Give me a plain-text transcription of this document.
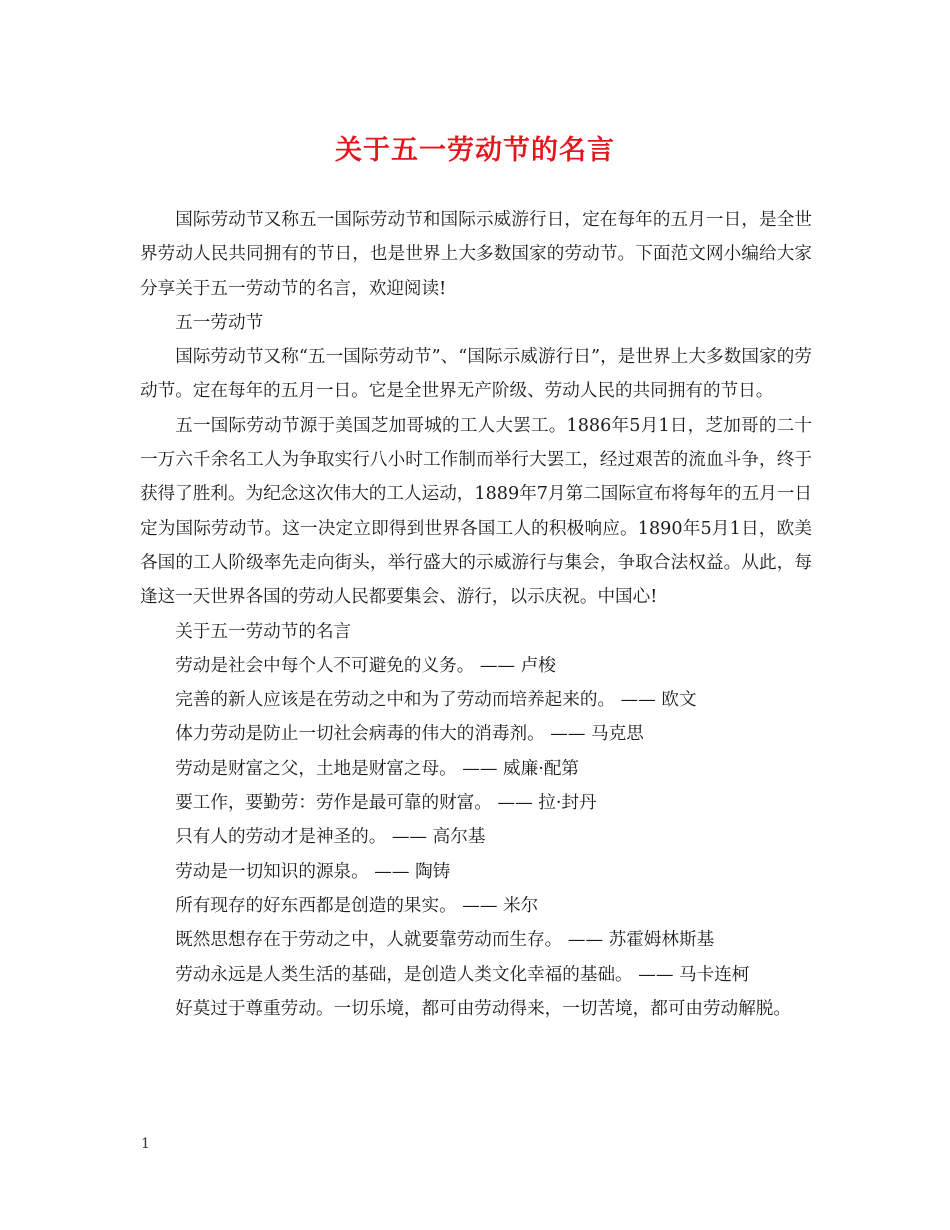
关于五一劳动节的名言

国际劳动节又称五一国际劳动节和国际示威游行日，定在每年的五月一日，是全世界劳动人民共同拥有的节日，也是世界上大多数国家的劳动节。下面范文网小编给大家分享关于五一劳动节的名言，欢迎阅读!

五一劳动节

国际劳动节又称“五一国际劳动节”、“国际示威游行日”，是世界上大多数国家的劳动节。定在每年的五月一日。它是全世界无产阶级、劳动人民的共同拥有的节日。

五一国际劳动节源于美国芝加哥城的工人大罢工。1886年5月1日，芝加哥的二十一万六千余名工人为争取实行八小时工作制而举行大罢工，经过艰苦的流血斗争，终于获得了胜利。为纪念这次伟大的工人运动，1889年7月第二国际宣布将每年的五月一日定为国际劳动节。这一决定立即得到世界各国工人的积极响应。1890年5月1日，欧美各国的工人阶级率先走向街头，举行盛大的示威游行与集会，争取合法权益。从此，每逢这一天世界各国的劳动人民都要集会、游行，以示庆祝。中国心!

关于五一劳动节的名言

劳动是社会中每个人不可避免的义务。 —— 卢梭

完善的新人应该是在劳动之中和为了劳动而培养起来的。 —— 欧文

体力劳动是防止一切社会病毒的伟大的消毒剂。 —— 马克思

劳动是财富之父，土地是财富之母。 —— 威廉·配第

要工作，要勤劳：劳作是最可靠的财富。 —— 拉·封丹

只有人的劳动才是神圣的。 —— 高尔基

劳动是一切知识的源泉。 —— 陶铸

所有现存的好东西都是创造的果实。 —— 米尔

既然思想存在于劳动之中，人就要靠劳动而生存。 —— 苏霍姆林斯基

劳动永远是人类生活的基础，是创造人类文化幸福的基础。 —— 马卡连柯

好莫过于尊重劳动。一切乐境，都可由劳动得来，一切苦境，都可由劳动解脱。

1
